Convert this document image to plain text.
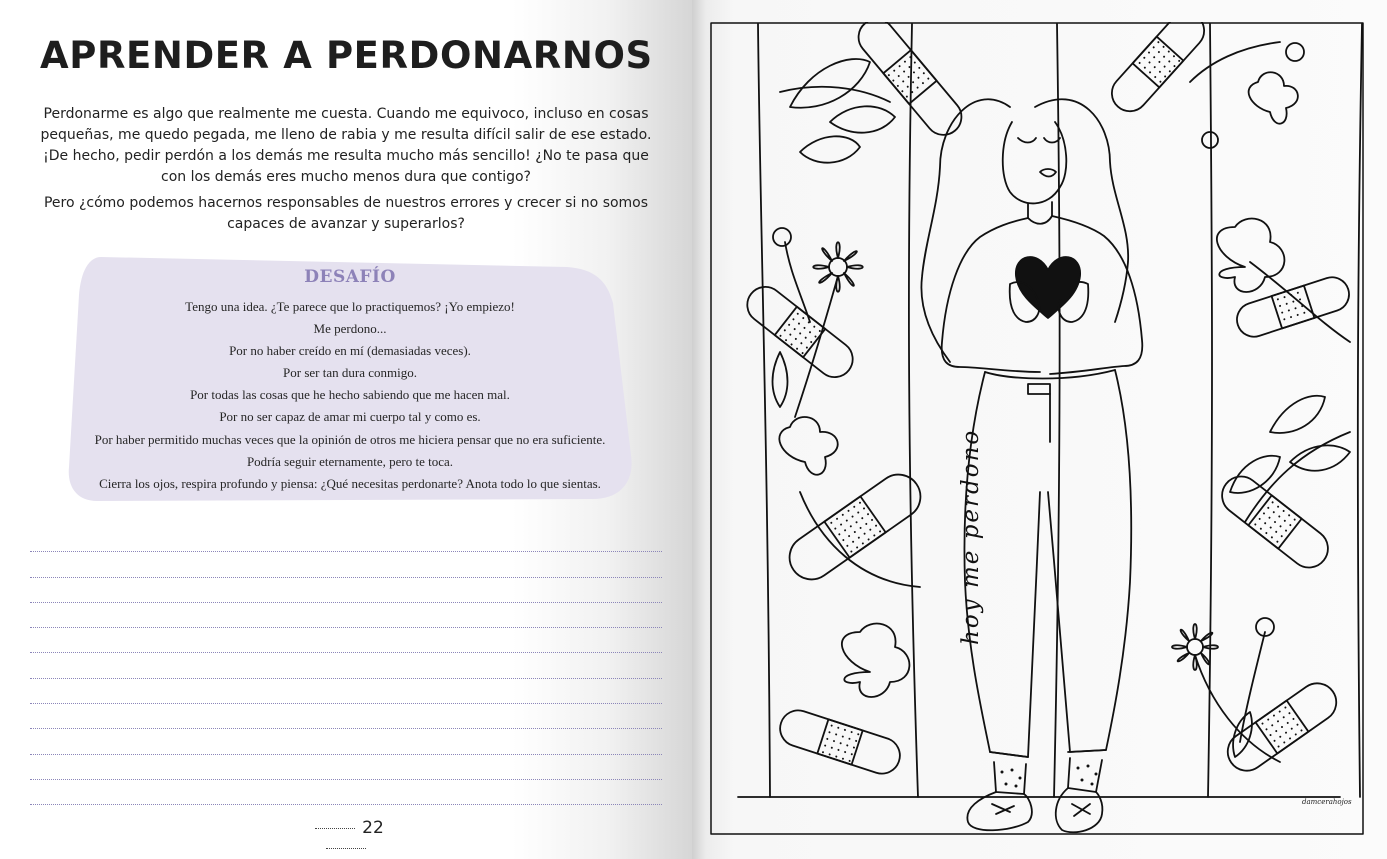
APRENDER A PERDONARNOS

Perdonarme es algo que realmente me cuesta. Cuando me equivoco, incluso en cosas pequeñas, me quedo pegada, me lleno de rabia y me resulta difícil salir de ese estado. ¡De hecho, pedir perdón a los demás me resulta mucho más sencillo! ¿No te pasa que con los demás eres mucho menos dura que contigo?

Pero ¿cómo podemos hacernos responsables de nuestros errores y crecer si no somos capaces de avanzar y superarlos?

DESAFÍO
Tengo una idea. ¿Te parece que lo practiquemos? ¡Yo empiezo!
Me perdono...
Por no haber creído en mí (demasiadas veces).
Por ser tan dura conmigo.
Por todas las cosas que he hecho sabiendo que me hacen mal.
Por no ser capaz de amar mi cuerpo tal y como es.
Por haber permitido muchas veces que la opinión de otros me hiciera pensar que no era suficiente.
Podría seguir eternamente, pero te toca.
Cierra los ojos, respira profundo y piensa: ¿Qué necesitas perdonarte? Anota todo lo que sientas.
22
hoy me perdono
damcerahojos
